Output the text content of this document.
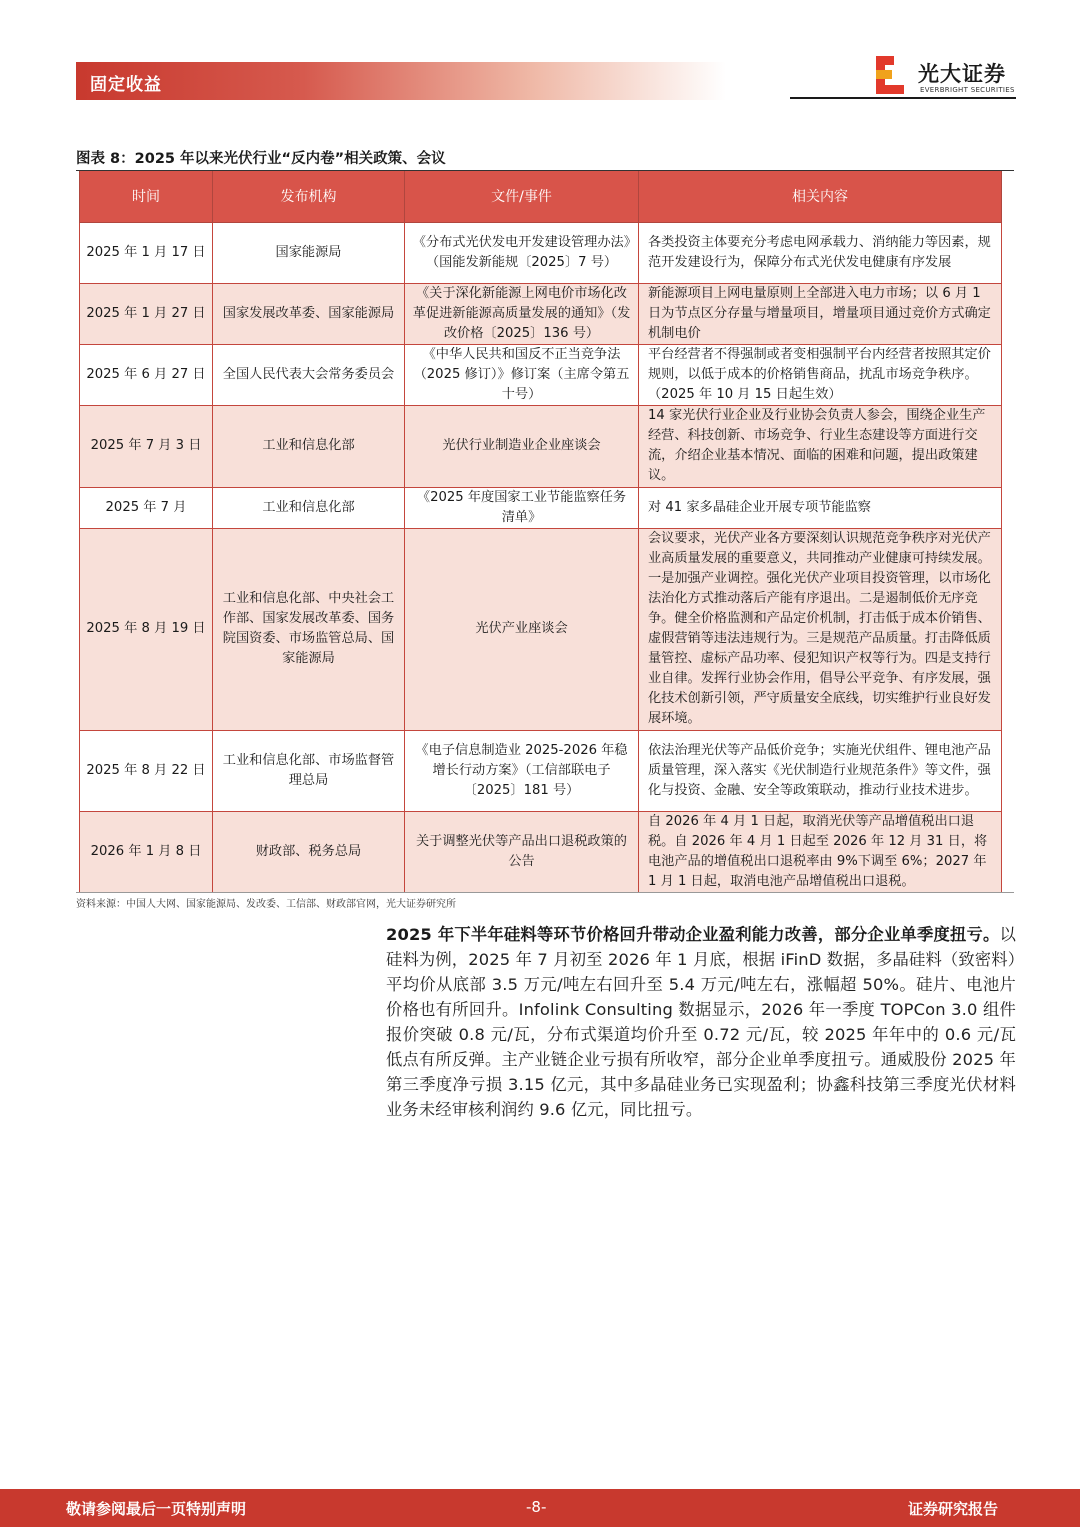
固定收益	光大证券
EVERBRIGHT SECURITIES
图表 8：2025 年以来光伏行业“反内卷”相关政策、会议
时间	发布机构	文件/事件	相关内容
2025 年 1 月 17 日	国家能源局	《分布式光伏发电开发建设管理办法》（国能发新能规〔2025〕7 号）	各类投资主体要充分考虑电网承载力、消纳能力等因素，规范开发建设行为，保障分布式光伏发电健康有序发展
2025 年 1 月 27 日	国家发展改革委、国家能源局	《关于深化新能源上网电价市场化改革促进新能源高质量发展的通知》（发改价格〔2025〕136 号）	新能源项目上网电量原则上全部进入电力市场；以 6 月 1 日为节点区分存量与增量项目，增量项目通过竞价方式确定机制电价
2025 年 6 月 27 日	全国人民代表大会常务委员会	《中华人民共和国反不正当竞争法（2025 修订）》修订案（主席令第五十号）	平台经营者不得强制或者变相强制平台内经营者按照其定价规则，以低于成本的价格销售商品，扰乱市场竞争秩序。（2025 年 10 月 15 日起生效）
2025 年 7 月 3 日	工业和信息化部	光伏行业制造业企业座谈会	14 家光伏行业企业及行业协会负责人参会，围绕企业生产经营、科技创新、市场竞争、行业生态建设等方面进行交流，介绍企业基本情况、面临的困难和问题，提出政策建议。
2025 年 7 月	工业和信息化部	《2025 年度国家工业节能监察任务清单》	对 41 家多晶硅企业开展专项节能监察
2025 年 8 月 19 日	工业和信息化部、中央社会工作部、国家发展改革委、国务院国资委、市场监管总局、国家能源局	光伏产业座谈会	会议要求，光伏产业各方要深刻认识规范竞争秩序对光伏产业高质量发展的重要意义，共同推动产业健康可持续发展。一是加强产业调控。强化光伏产业项目投资管理，以市场化法治化方式推动落后产能有序退出。二是遏制低价无序竞争。健全价格监测和产品定价机制，打击低于成本价销售、虚假营销等违法违规行为。三是规范产品质量。打击降低质量管控、虚标产品功率、侵犯知识产权等行为。四是支持行业自律。发挥行业协会作用，倡导公平竞争、有序发展，强化技术创新引领，严守质量安全底线，切实维护行业良好发展环境。
2025 年 8 月 22 日	工业和信息化部、市场监督管理总局	《电子信息制造业 2025-2026 年稳增长行动方案》（工信部联电子〔2025〕181 号）	依法治理光伏等产品低价竞争；实施光伏组件、锂电池产品质量管理，深入落实《光伏制造行业规范条件》等文件，强化与投资、金融、安全等政策联动，推动行业技术进步。
2026 年 1 月 8 日	财政部、税务总局	关于调整光伏等产品出口退税政策的公告	自 2026 年 4 月 1 日起，取消光伏等产品增值税出口退税。自 2026 年 4 月 1 日起至 2026 年 12 月 31 日，将电池产品的增值税出口退税率由 9%下调至 6%；2027 年 1 月 1 日起，取消电池产品增值税出口退税。
资料来源：中国人大网、国家能源局、发改委、工信部、财政部官网，光大证券研究所
2025 年下半年硅料等环节价格回升带动企业盈利能力改善，部分企业单季度扭亏。以硅料为例，2025 年 7 月初至 2026 年 1 月底，根据 iFinD 数据，多晶硅料（致密料）平均价从底部 3.5 万元/吨左右回升至 5.4 万元/吨左右，涨幅超 50%。硅片、电池片价格也有所回升。Infolink Consulting 数据显示，2026 年一季度 TOPCon 3.0 组件报价突破 0.8 元/瓦，分布式渠道均价升至 0.72 元/瓦，较 2025 年年中的 0.6 元/瓦低点有所反弹。主产业链企业亏损有所收窄，部分企业单季度扭亏。通威股份 2025 年第三季度净亏损 3.15 亿元，其中多晶硅业务已实现盈利；协鑫科技第三季度光伏材料业务未经审核利润约 9.6 亿元，同比扭亏。
敬请参阅最后一页特别声明	-8-	证券研究报告
